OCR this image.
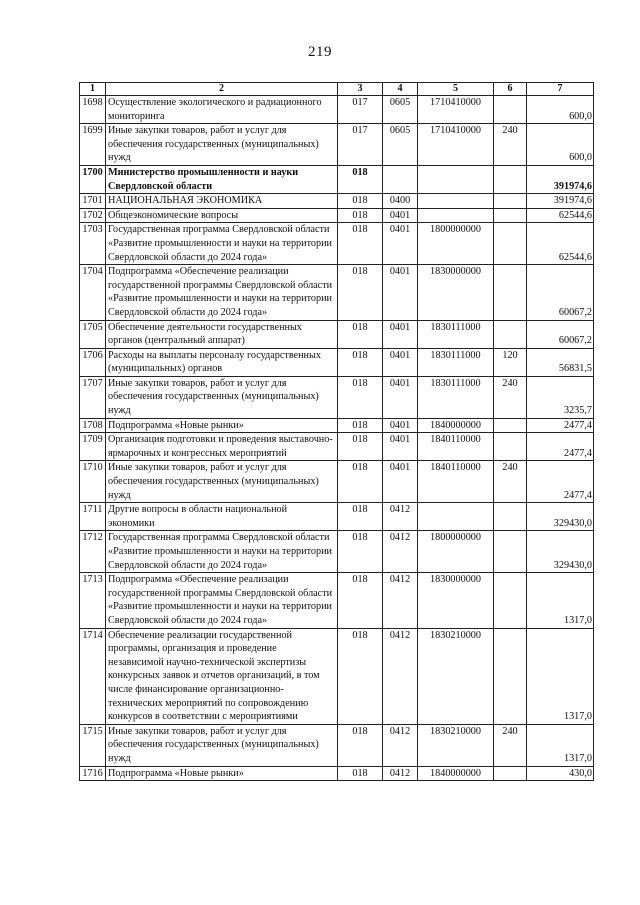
219
1	2	3	4	5	6	7
1698	Осуществление экологического и радиационного мониторинга	017	0605	1710410000		600,0
1699	Иные закупки товаров, работ и услуг для обеспечения государственных (муниципальных) нужд	017	0605	1710410000	240	600,0
1700	Министерство промышленности и науки Свердловской области	018				391974,6
1701	НАЦИОНАЛЬНАЯ ЭКОНОМИКА	018	0400			391974,6
1702	Общеэкономические вопросы	018	0401			62544,6
1703	Государственная программа Свердловской области «Развитие промышленности и науки на территории Свердловской области до 2024 года»	018	0401	1800000000		62544,6
1704	Подпрограмма «Обеспечение реализации государственной программы Свердловской области «Развитие промышленности и науки на территории Свердловской области до 2024 года»	018	0401	1830000000		60067,2
1705	Обеспечение деятельности государственных органов (центральный аппарат)	018	0401	1830111000		60067,2
1706	Расходы на выплаты персоналу государственных (муниципальных) органов	018	0401	1830111000	120	56831,5
1707	Иные закупки товаров, работ и услуг для обеспечения государственных (муниципальных) нужд	018	0401	1830111000	240	3235,7
1708	Подпрограмма «Новые рынки»	018	0401	1840000000		2477,4
1709	Организация подготовки и проведения выставочно-ярмарочных и конгрессных мероприятий	018	0401	1840110000		2477,4
1710	Иные закупки товаров, работ и услуг для обеспечения государственных (муниципальных) нужд	018	0401	1840110000	240	2477,4
1711	Другие вопросы в области национальной экономики	018	0412			329430,0
1712	Государственная программа Свердловской области «Развитие промышленности и науки на территории Свердловской области до 2024 года»	018	0412	1800000000		329430,0
1713	Подпрограмма «Обеспечение реализации государственной программы Свердловской области «Развитие промышленности и науки на территории Свердловской области до 2024 года»	018	0412	1830000000		1317,0
1714	Обеспечение реализации государственной программы, организация и проведение независимой научно-технической экспертизы конкурсных заявок и отчетов организаций, в том числе финансирование организационно-технических мероприятий по сопровождению конкурсов в соответствии с мероприятиями	018	0412	1830210000		1317,0
1715	Иные закупки товаров, работ и услуг для обеспечения государственных (муниципальных) нужд	018	0412	1830210000	240	1317,0
1716	Подпрограмма «Новые рынки»	018	0412	1840000000		430,0
